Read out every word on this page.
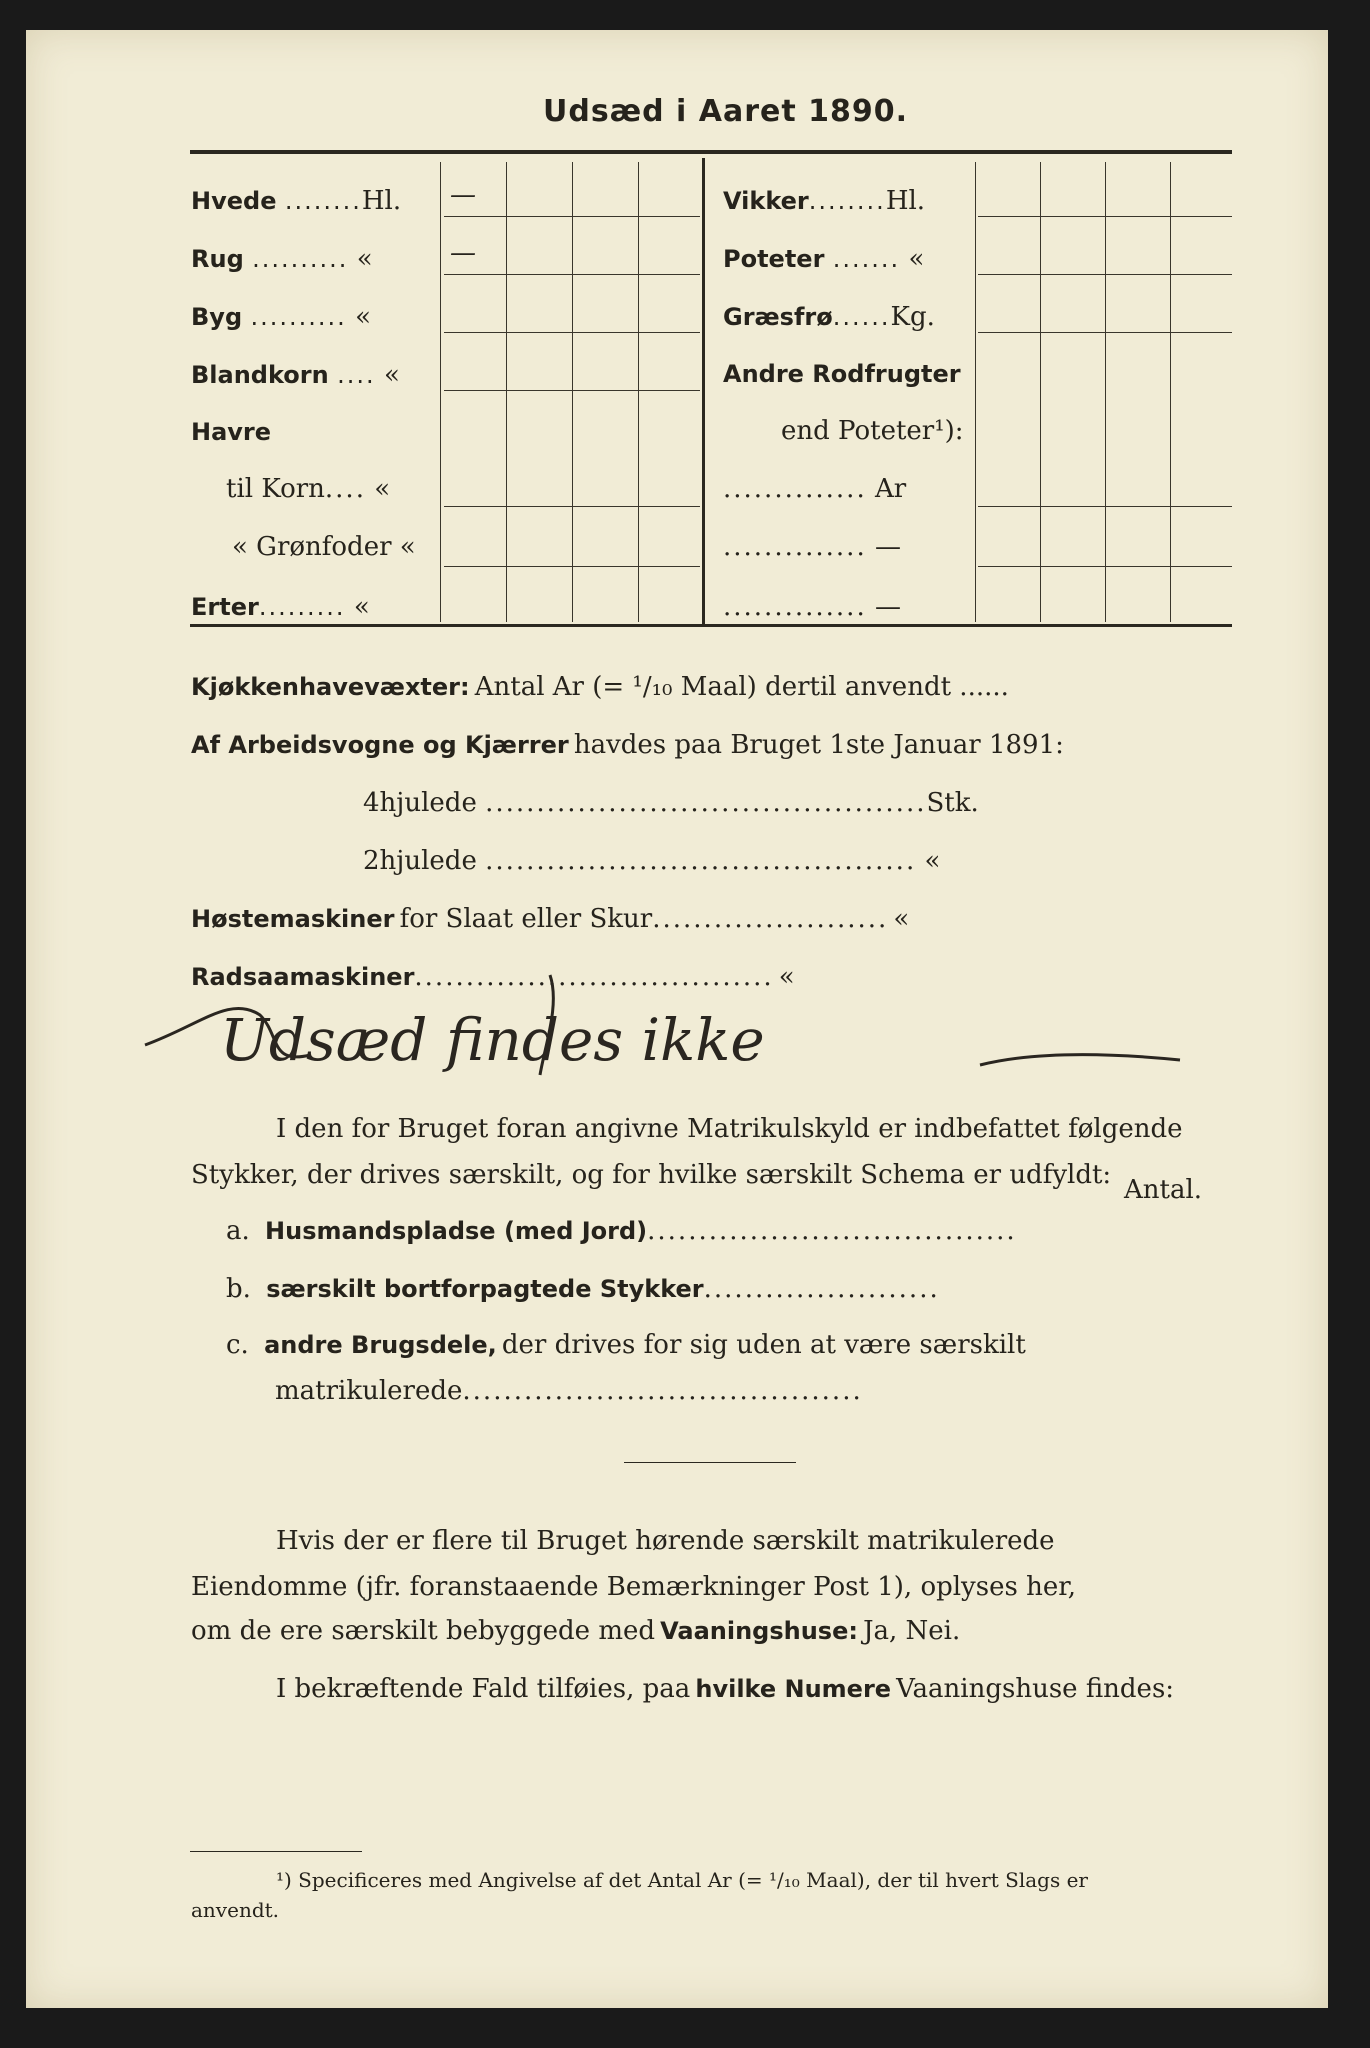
Udsæd i Aaret 1890.
Hvede ........Hl. —
Rug .......... «	—
Byg .......... «
Blandkorn .... «
Havre
til Korn.... «
« Grønfoder «
Erter......... «
Vikker........Hl.
Poteter ....... «
Græsfrø......Kg.
Andre Rodfrugter
end Poteter¹):
.............. Ar
.............. —
.............. —
Kjøkkenhavevæxter: Antal Ar (= ¹/₁₀ Maal) dertil anvendt ......
Af Arbeidsvogne og Kjærrer havdes paa Bruget 1ste Januar 1891:
4hjulede ...........................................Stk.
2hjulede .......................................... «
Høstemaskiner for Slaat eller Skur....................... «
Radsaamaskiner................................... «
Udsæd findes ikke
I den for Bruget foran angivne Matrikulskyld er indbefattet følgende
Stykker, der drives særskilt, og for hvilke særskilt Schema er udfyldt: Antal.
a. Husmandspladse (med Jord)....................................
b. særskilt bortforpagtede Stykker.......................
c. andre Brugsdele, der drives for sig uden at være særskilt
matrikulerede.......................................
Hvis der er flere til Bruget hørende særskilt matrikulerede
Eiendomme (jfr. foranstaaende Bemærkninger Post 1), oplyses her,
om de ere særskilt bebyggede med Vaaningshuse: Ja, Nei.
I bekræftende Fald tilføies, paa hvilke Numere Vaaningshuse findes:
¹) Specificeres med Angivelse af det Antal Ar (= ¹/₁₀ Maal), der til hvert Slags er
anvendt.
